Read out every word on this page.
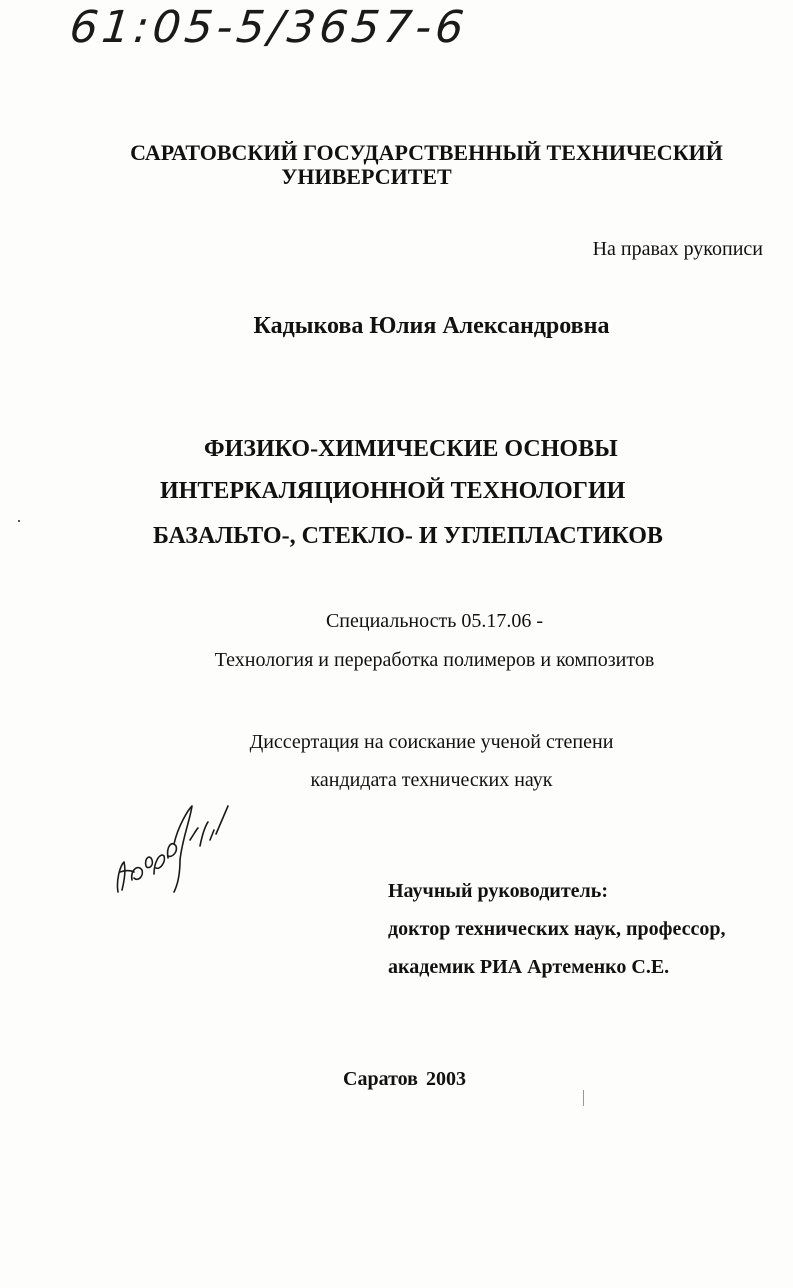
61:05-5/3657-6
САРАТОВСКИЙ ГОСУДАРСТВЕННЫЙ ТЕХНИЧЕСКИЙ
УНИВЕРСИТЕТ
На правах рукописи
Кадыкова Юлия Александровна
ФИЗИКО-ХИМИЧЕСКИЕ ОСНОВЫ
ИНТЕРКАЛЯЦИОННОЙ ТЕХНОЛОГИИ
БАЗАЛЬТО-, СТЕКЛО- И УГЛЕПЛАСТИКОВ
Специальность 05.17.06 -
Технология и переработка полимеров и композитов
Диссертация на соискание ученой степени
кандидата технических наук
Научный руководитель:
доктор технических наук, профессор,
академик РИА Артеменко С.Е.
Саратов 2003
